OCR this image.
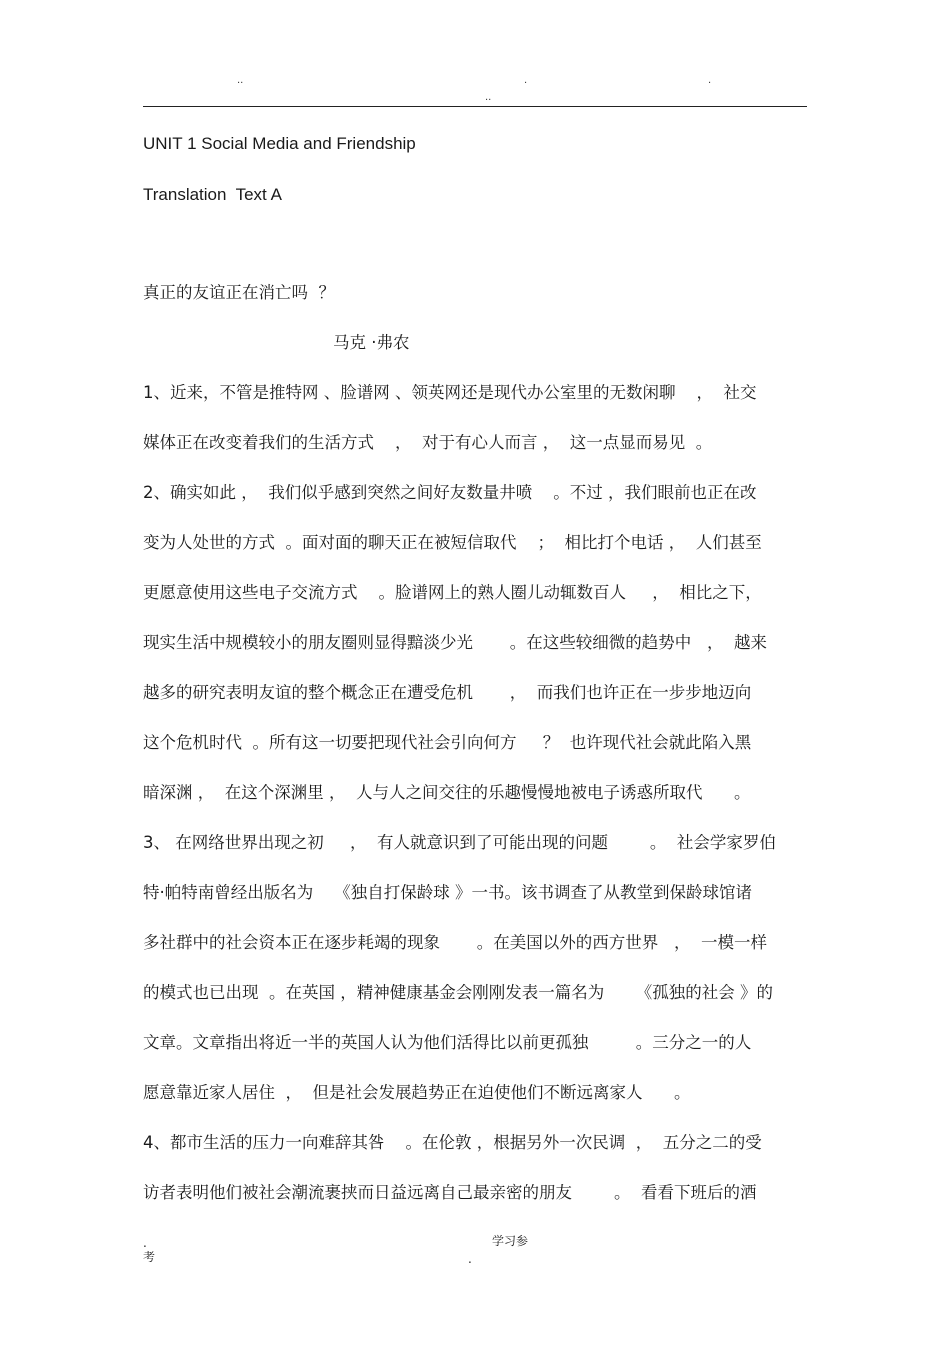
..	.	.
..
UNIT 1 Social Media and Friendship
Translation  Text A
真正的友谊正在消亡吗  ？
马克 ·弗农
1、近来，不管是推特网 、脸谱网 、领英网还是现代办公室里的无数闲聊    ，  社交
媒体正在改变着我们的生活方式    ，  对于有心人而言 ，  这一点显而易见  。
2、确实如此 ，  我们似乎感到突然之间好友数量井喷    。不过 ，我们眼前也正在改
变为人处世的方式  。面对面的聊天正在被短信取代    ；  相比打个电话 ，  人们甚至
更愿意使用这些电子交流方式    。脸谱网上的熟人圈儿动辄数百人     ，  相比之下，
现实生活中规模较小的朋友圈则显得黯淡少光       。在这些较细微的趋势中   ，  越来
越多的研究表明友谊的整个概念正在遭受危机       ，  而我们也许正在一步步地迈向
这个危机时代  。所有这一切要把现代社会引向何方     ？  也许现代社会就此陷入黑
暗深渊 ，  在这个深渊里 ，  人与人之间交往的乐趣慢慢地被电子诱惑所取代      。
3、 在网络世界出现之初     ，  有人就意识到了可能出现的问题        。  社会学家罗伯
特·帕特南曾经出版名为    《独自打保龄球 》一书。该书调查了从教堂到保龄球馆诸
多社群中的社会资本正在逐步耗竭的现象       。在美国以外的西方世界   ，  一模一样
的模式也已出现  。在英国 ，精神健康基金会刚刚发表一篇名为      《孤独的社会 》的
文章。文章指出将近一半的英国人认为他们活得比以前更孤独         。三分之一的人
愿意靠近家人居住  ，  但是社会发展趋势正在迫使他们不断远离家人      。
4、都市生活的压力一向难辞其咎    。在伦敦 ，根据另外一次民调  ，  五分之二的受
访者表明他们被社会潮流裹挟而日益远离自己最亲密的朋友        。  看看下班后的酒
.	学习参
考	.
